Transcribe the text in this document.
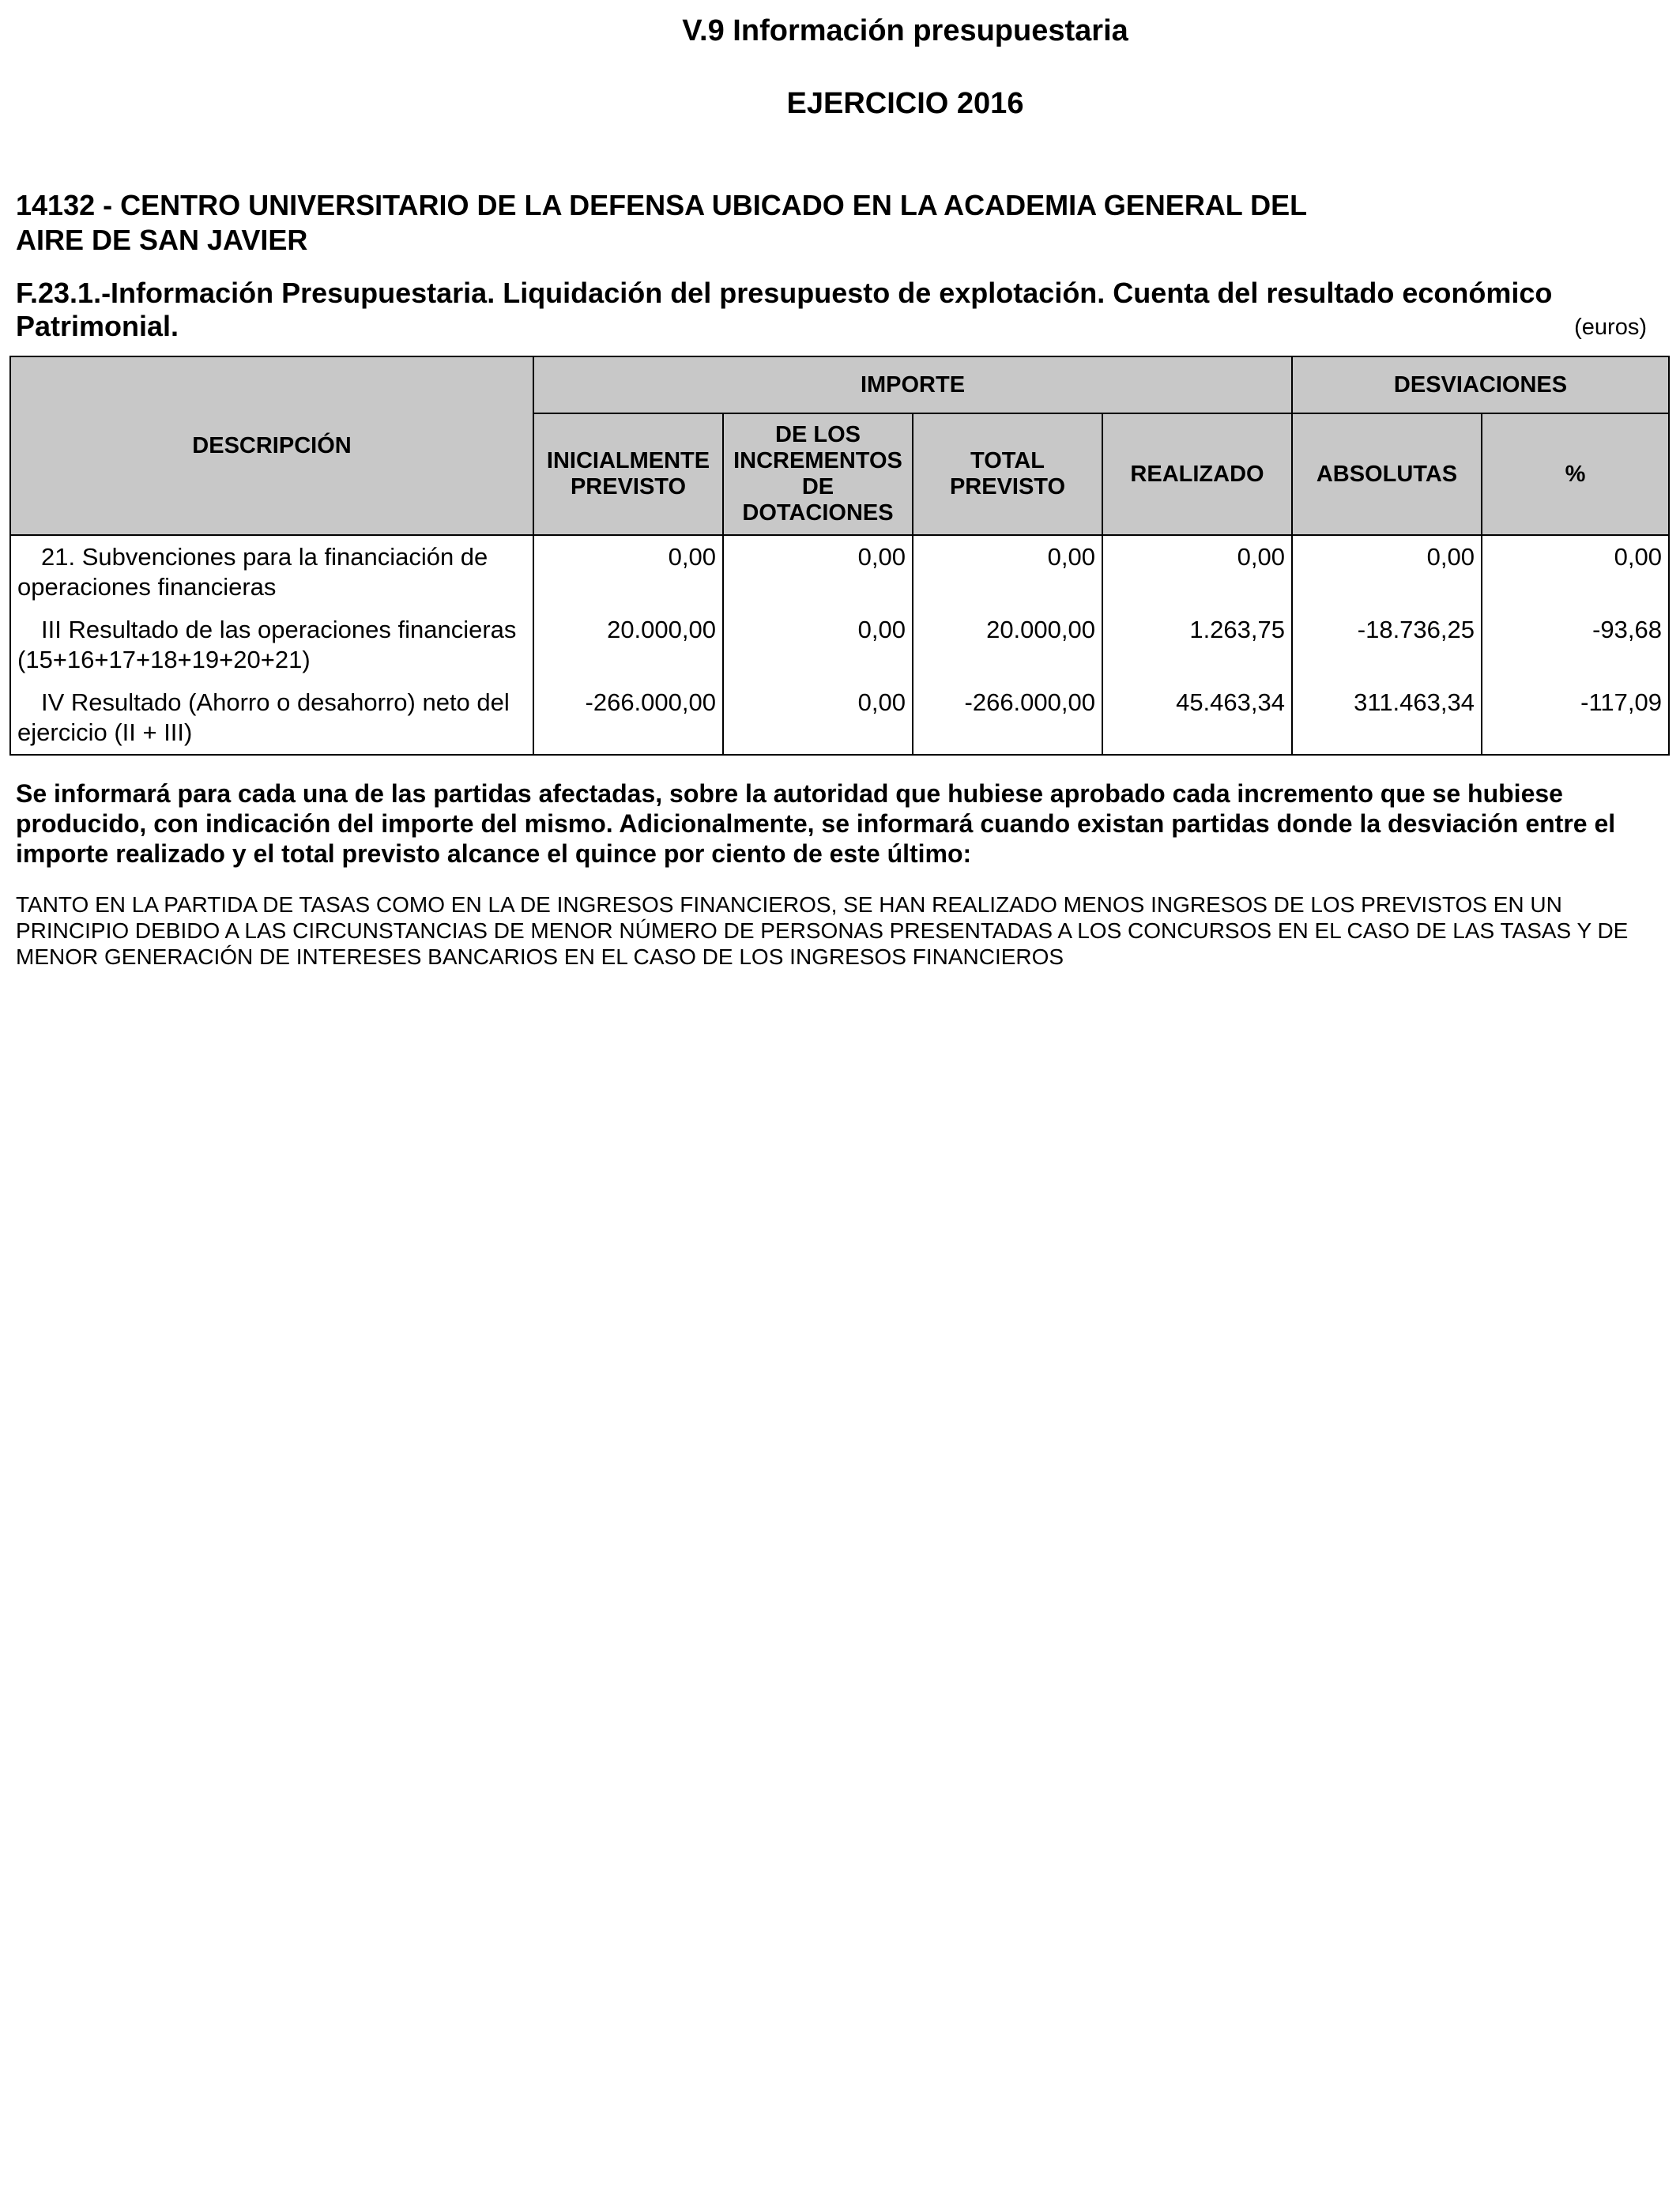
V.9 Información presupuestaria
EJERCICIO 2016
14132 - CENTRO UNIVERSITARIO DE LA DEFENSA UBICADO EN LA ACADEMIA GENERAL DEL AIRE DE SAN JAVIER
F.23.1.-Información Presupuestaria. Liquidación del presupuesto de explotación. Cuenta del resultado económico Patrimonial.	(euros)
DESCRIPCIÓN	IMPORTE				DESVIACIONES	
	INICIALMENTE PREVISTO	DE LOS INCREMENTOS DE DOTACIONES	TOTAL PREVISTO	REALIZADO	ABSOLUTAS	%
21. Subvenciones para la financiación de operaciones financieras	0,00	0,00	0,00	0,00	0,00	0,00
III Resultado de las operaciones financieras (15+16+17+18+19+20+21)	20.000,00	0,00	20.000,00	1.263,75	-18.736,25	-93,68
IV Resultado (Ahorro o desahorro) neto del ejercicio (II + III)	-266.000,00	0,00	-266.000,00	45.463,34	311.463,34	-117,09
Se informará para cada una de las partidas afectadas, sobre la autoridad que hubiese aprobado cada incremento que se hubiese producido, con indicación del importe del mismo. Adicionalmente, se informará cuando existan partidas donde la desviación entre el importe realizado y el total previsto alcance el quince por ciento de este último:
TANTO EN LA PARTIDA DE TASAS COMO EN LA DE INGRESOS FINANCIEROS, SE HAN REALIZADO MENOS INGRESOS DE LOS PREVISTOS EN UN PRINCIPIO DEBIDO A LAS CIRCUNSTANCIAS DE MENOR NÚMERO DE PERSONAS PRESENTADAS A LOS CONCURSOS EN EL CASO DE LAS TASAS Y DE MENOR GENERACIÓN DE INTERESES BANCARIOS EN EL CASO DE LOS INGRESOS FINANCIEROS
